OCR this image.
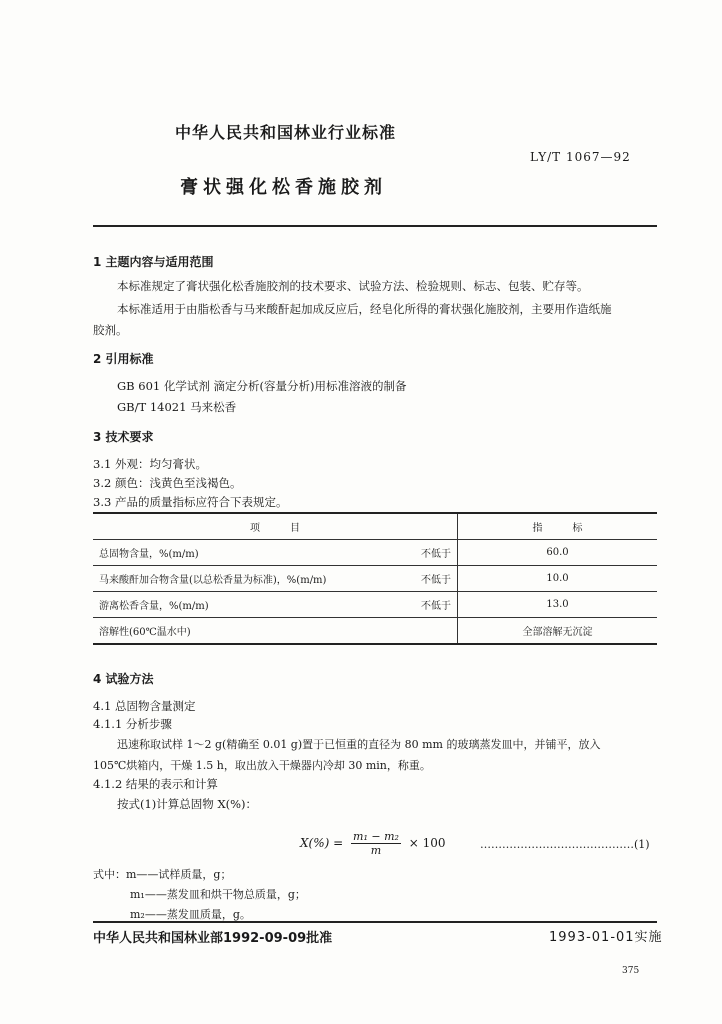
中华人民共和国林业行业标准
LY/T 1067—92
膏状强化松香施胶剂
1 主题内容与适用范围
本标准规定了膏状强化松香施胶剂的技术要求、试验方法、检验规则、标志、包装、贮存等。
本标准适用于由脂松香与马来酸酐起加成反应后，经皂化所得的膏状强化施胶剂，主要用作造纸施
胶剂。
2 引用标准
GB 601 化学试剂 滴定分析(容量分析)用标准溶液的制备
GB/T 14021 马来松香
3 技术要求
3.1 外观：均匀膏状。
3.2 颜色：浅黄色至浅褐色。
3.3 产品的质量指标应符合下表规定。
项　　　目		指　　　标
总固物含量，%(m/m)	不低于	60.0
马来酸酐加合物含量(以总松香量为标准)，%(m/m)	不低于	10.0
游离松香含量，%(m/m)	不低于	13.0
溶解性(60℃温水中)		全部溶解无沉淀
4 试验方法
4.1 总固物含量测定
4.1.1 分析步骤
迅速称取试样 1～2 g(精确至 0.01 g)置于已恒重的直径为 80 mm 的玻璃蒸发皿中，并铺平，放入
105℃烘箱内，干燥 1.5 h，取出放入干燥器内冷却 30 min，称重。
4.1.2 结果的表示和计算
按式(1)计算总固物 X(%)：
$X(\%) = \frac{\text{m₁ − m₂}}{m} \times 100$	……………………………………(1)
式中：m——试样质量，g；
m₁——蒸发皿和烘干物总质量，g；
m₂——蒸发皿质量，g。
中华人民共和国林业部1992-09-09批准	1993-01-01实施
375
